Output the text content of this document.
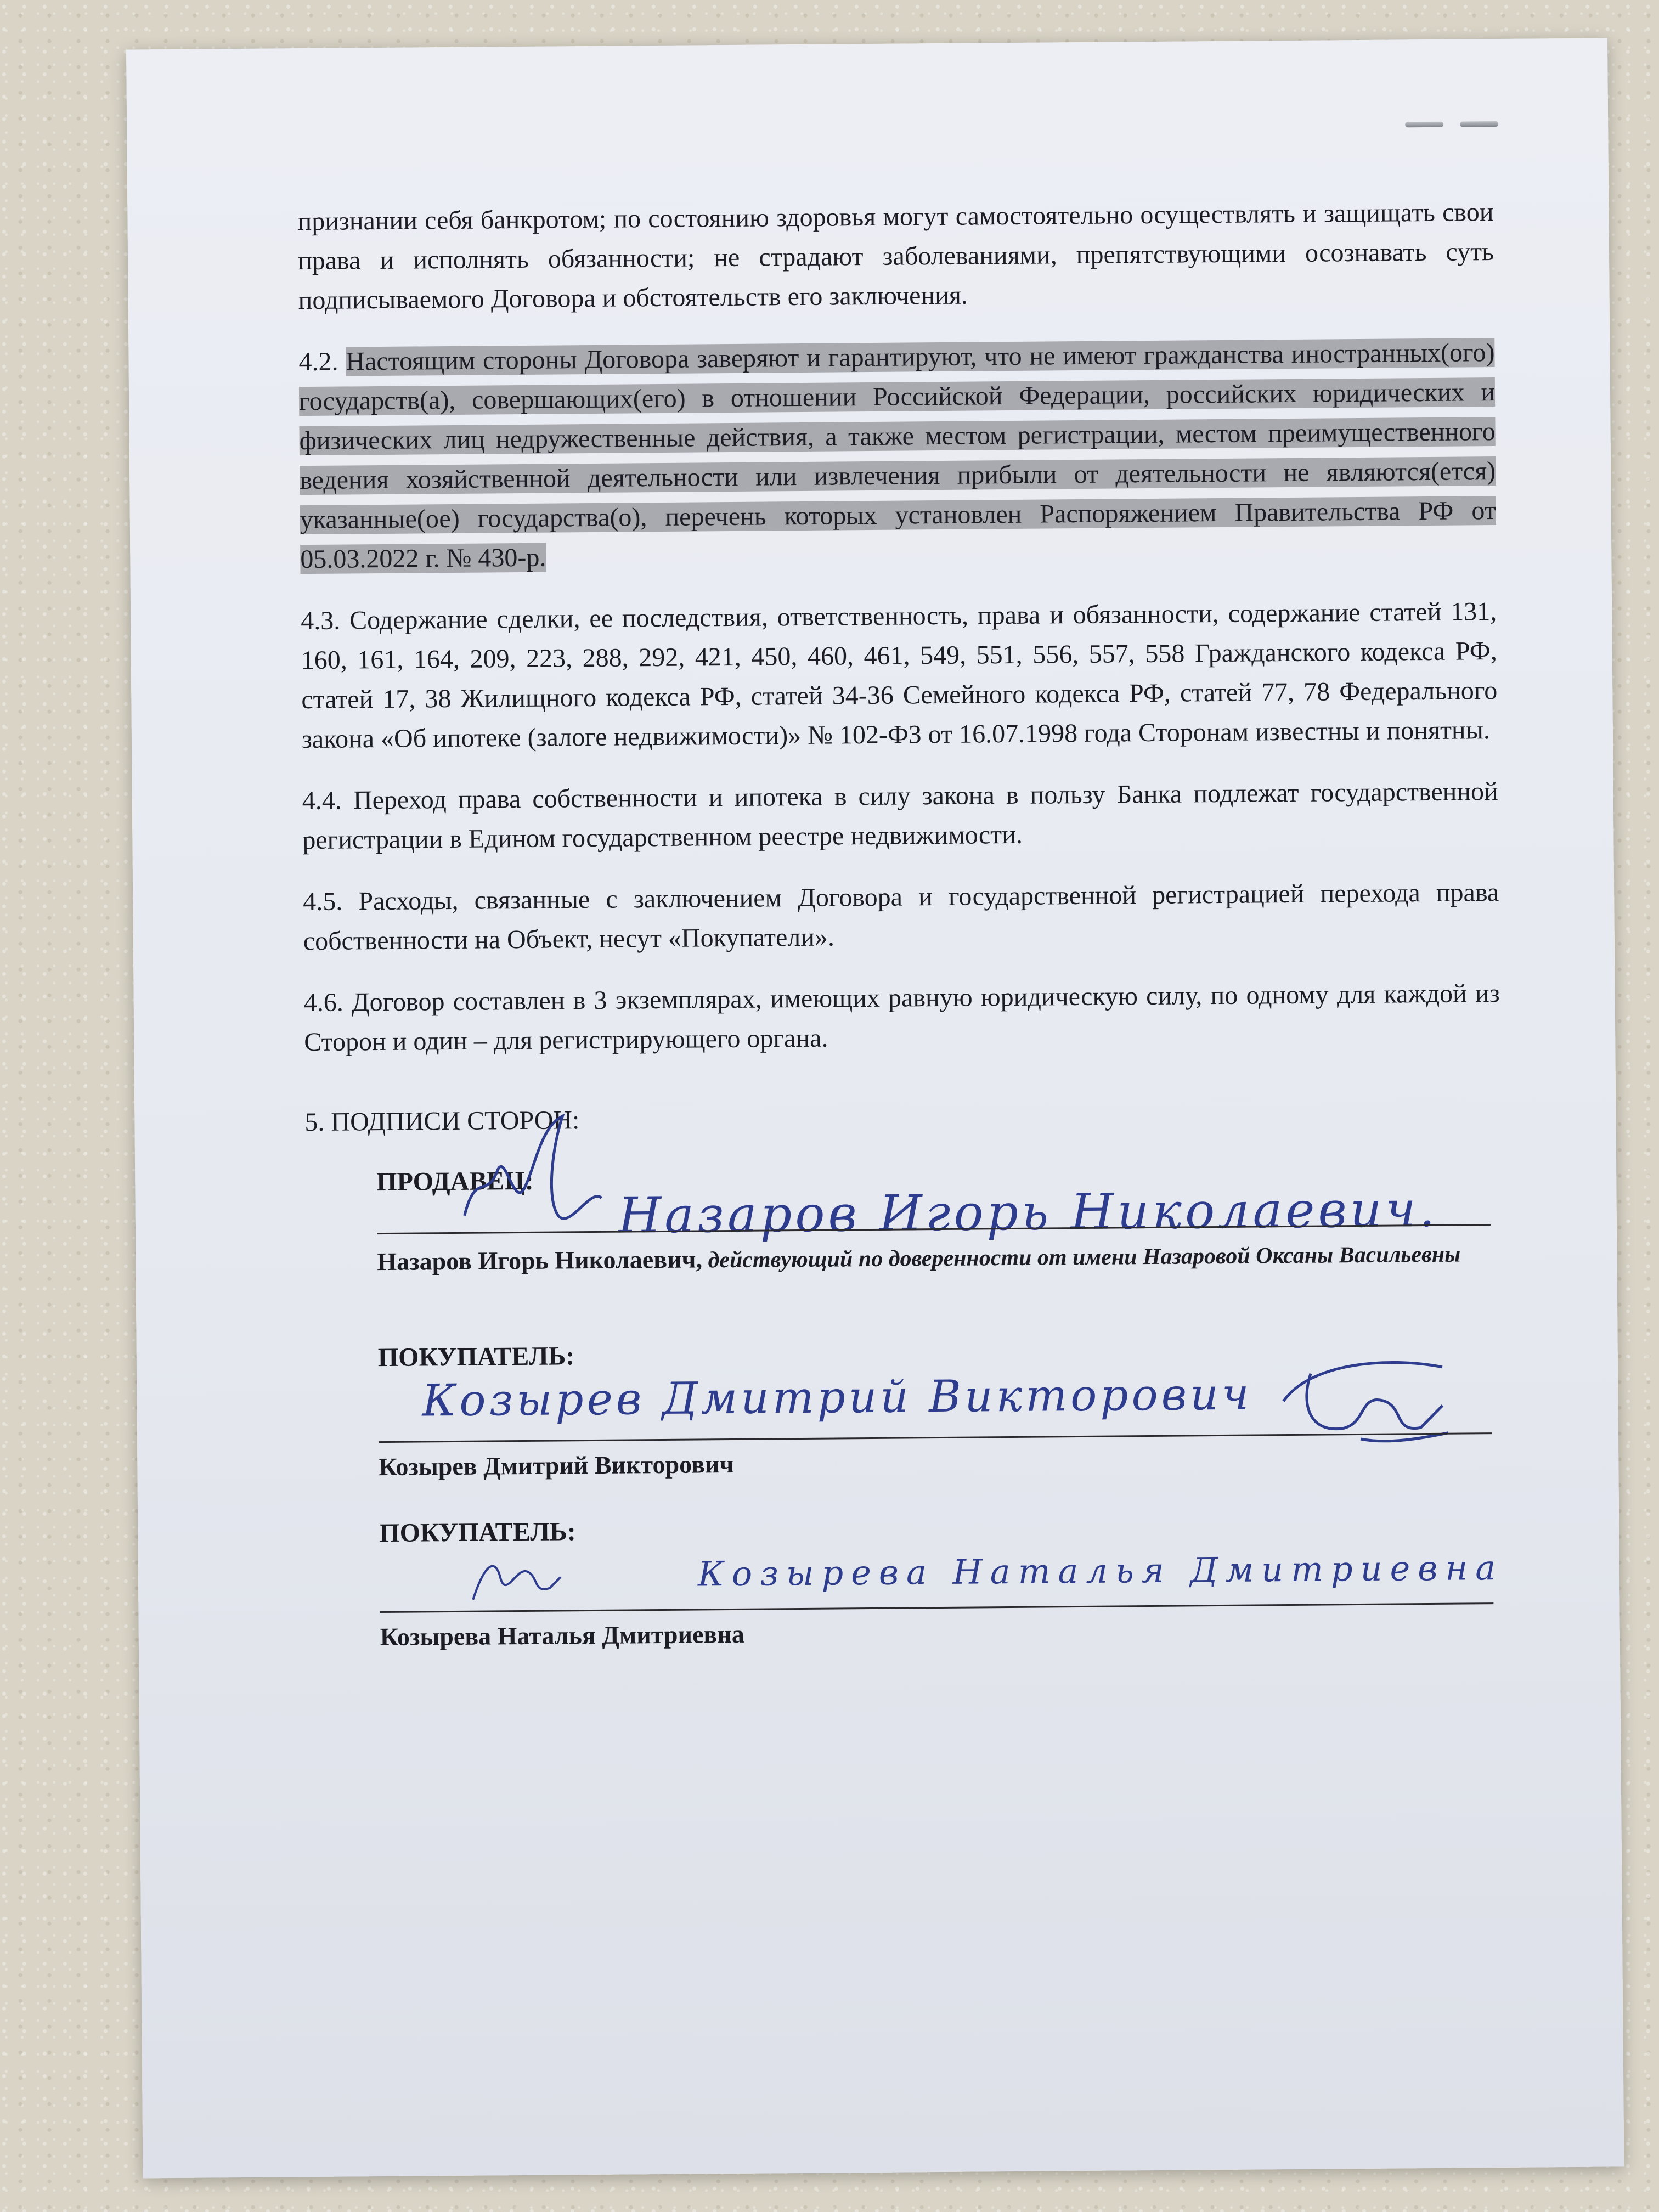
признании себя банкротом; по состоянию здоровья могут самостоятельно осуществлять и защищать свои права и исполнять обязанности; не страдают заболеваниями, препятствующими осознавать суть подписываемого Договора и обстоятельств его заключения.

4.2. Настоящим стороны Договора заверяют и гарантируют, что не имеют гражданства иностранных(ого) государств(а), совершающих(его) в отношении Российской Федерации, российских юридических и физических лиц недружественные действия, а также местом регистрации, местом преимущественного ведения хозяйственной деятельности или извлечения прибыли от деятельности не являются(ется) указанные(ое) государства(о), перечень которых установлен Распоряжением Правительства РФ от 05.03.2022 г. № 430-р.

4.3. Содержание сделки, ее последствия, ответственность, права и обязанности, содержание статей 131, 160, 161, 164, 209, 223, 288, 292, 421, 450, 460, 461, 549, 551, 556, 557, 558 Гражданского кодекса РФ, статей 17, 38 Жилищного кодекса РФ, статей 34-36 Семейного кодекса РФ, статей 77, 78 Федерального закона «Об ипотеке (залоге недвижимости)» № 102-ФЗ от 16.07.1998 года Сторонам известны и понятны.

4.4. Переход права собственности и ипотека в силу закона в пользу Банка подлежат государственной регистрации в Едином государственном реестре недвижимости.

4.5. Расходы, связанные с заключением Договора и государственной регистрацией перехода права собственности на Объект, несут «Покупатели».

4.6. Договор составлен в 3 экземплярах, имеющих равную юридическую силу, по одному для каждой из Сторон и один – для регистрирующего органа.

5. ПОДПИСИ СТОРОН:
ПРОДАВЕЦ:	Назаров Игорь Николаевич.
Назаров Игорь Николаевич, действующий по доверенности от имени Назаровой Оксаны Васильевны
ПОКУПАТЕЛЬ:
Козырев Дмитрий Викторович
Козырев Дмитрий Викторович
ПОКУПАТЕЛЬ:
Козырева Наталья Дмитриевна
Козырева Наталья Дмитриевна
